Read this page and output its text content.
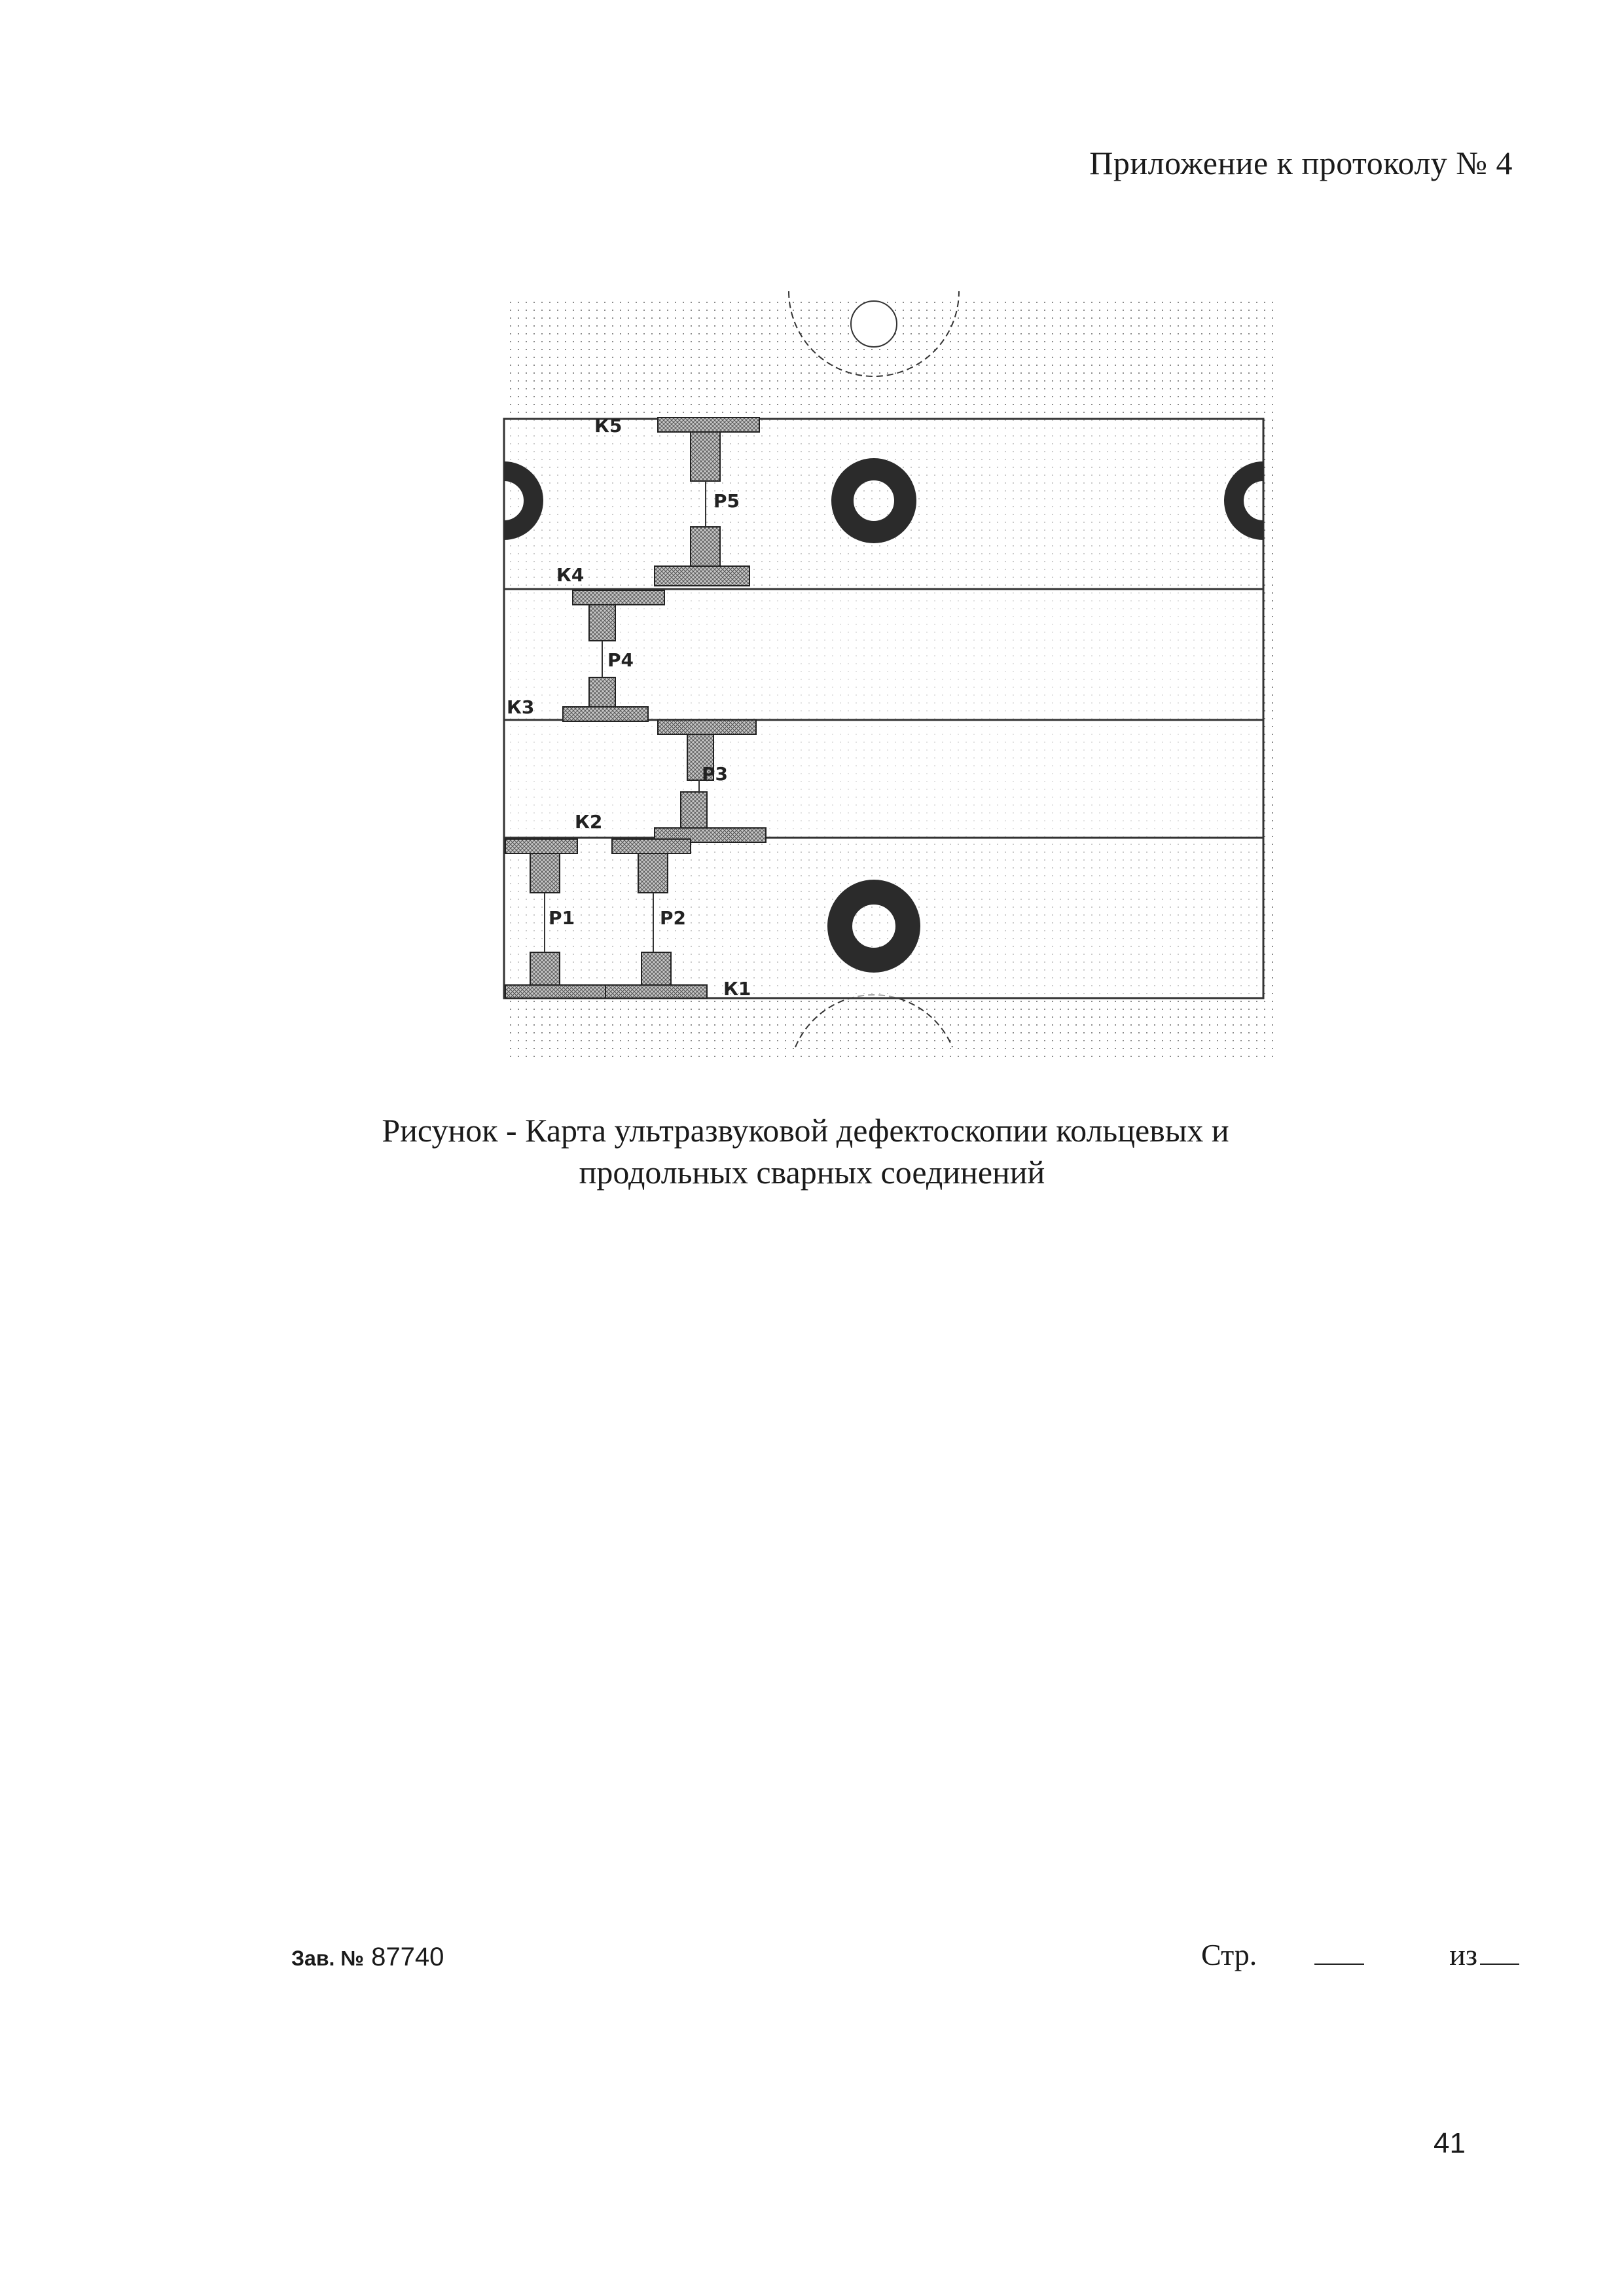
Приложение к протоколу № 4
К5
Р5
К4
Р4
К3
Р3
К2
Р1	Р2
К1
Рисунок - Карта ультразвуковой дефектоскопии кольцевых и
продольных сварных соединений
Зав. № 87740	Стр.	из
41
